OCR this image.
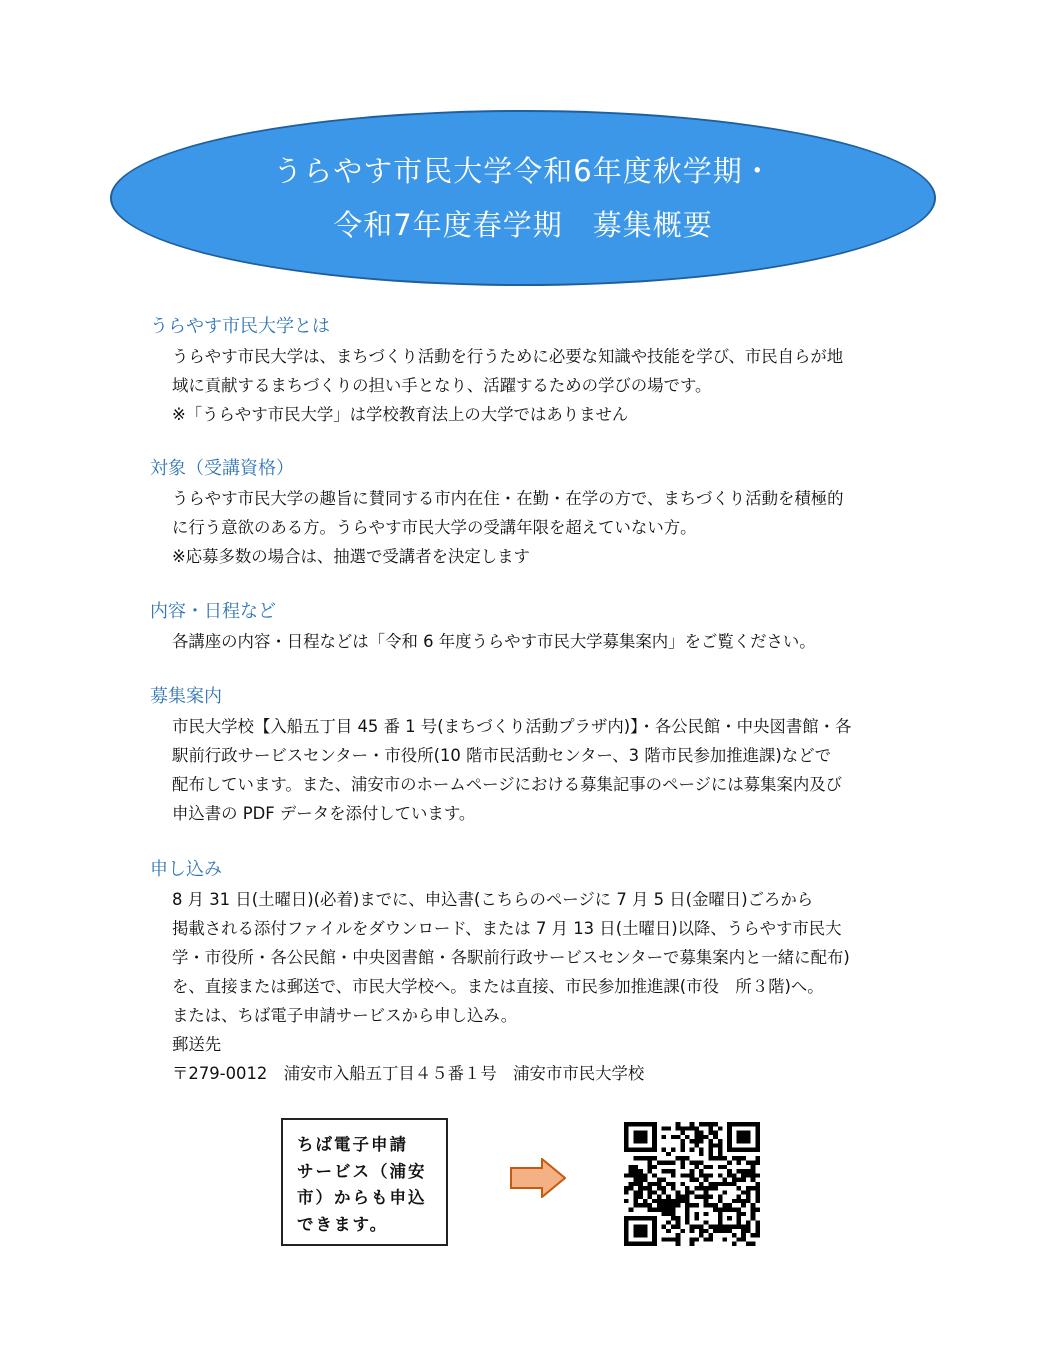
うらやす市民大学令和6年度秋学期・
令和7年度春学期　募集概要
うらやす市民大学とは
うらやす市民大学は、まちづくり活動を行うために必要な知識や技能を学び、市民自らが地
域に貢献するまちづくりの担い手となり、活躍するための学びの場です。
※「うらやす市民大学」は学校教育法上の大学ではありません
対象（受講資格）
うらやす市民大学の趣旨に賛同する市内在住・在勤・在学の方で、まちづくり活動を積極的
に行う意欲のある方。うらやす市民大学の受講年限を超えていない方。
※応募多数の場合は、抽選で受講者を決定します
内容・日程など
各講座の内容・日程などは「令和 6 年度うらやす市民大学募集案内」をご覧ください。
募集案内
市民大学校【入船五丁目 45 番 1 号(まちづくり活動プラザ内)】・各公民館・中央図書館・各
駅前行政サービスセンター・市役所(10 階市民活動センター、3 階市民参加推進課)などで
配布しています。また、浦安市のホームページにおける募集記事のページには募集案内及び
申込書の PDF データを添付しています。
申し込み
8 月 31 日(土曜日)(必着)までに、申込書(こちらのページに 7 月 5 日(金曜日)ごろから
掲載される添付ファイルをダウンロード、または 7 月 13 日(土曜日)以降、うらやす市民大
学・市役所・各公民館・中央図書館・各駅前行政サービスセンターで募集案内と一緒に配布)
を、直接または郵送で、市民大学校へ。または直接、市民参加推進課(市役　所３階)へ。
または、ちば電子申請サービスから申し込み。
郵送先
〒279-0012　浦安市入船五丁目４５番１号　浦安市市民大学校
ちば電子申請
サービス（浦安
市）からも申込
できます。
